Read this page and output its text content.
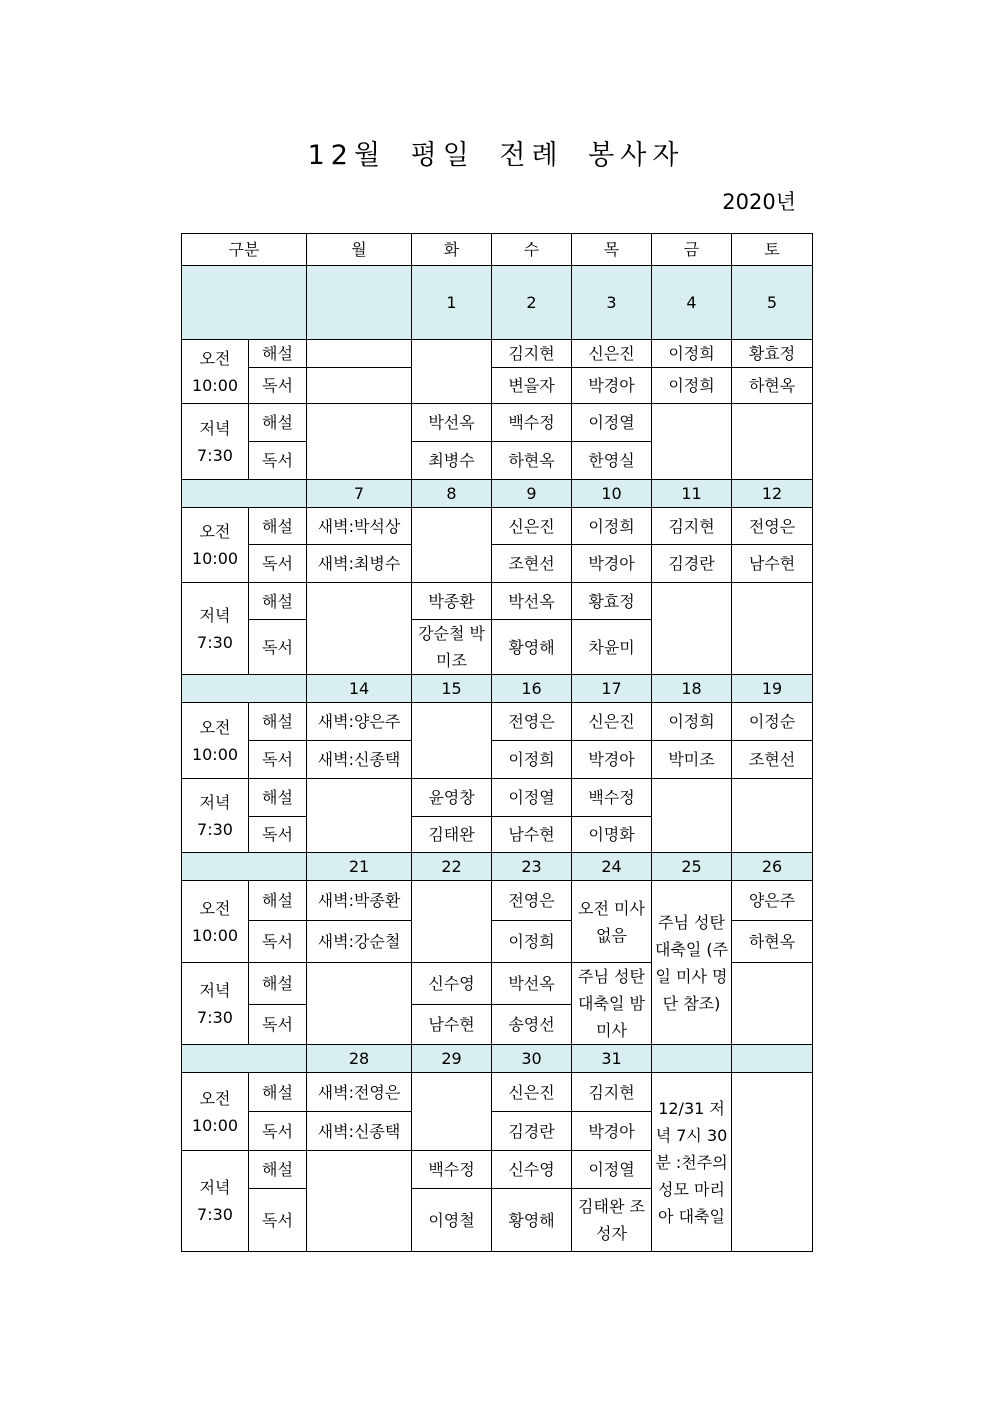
12월 평일 전례 봉사자
2020년
구분		월	화	수	목	금	토
			1	2	3	4	5

오전
10:00	해설			김지현	신은진	이정희	황효정
	독서			변을자	박경아	이정희	하현옥

저녁
7:30	해설		박선옥	백수정	이정열		
	독서		최병수	하현옥	한영실		
		7	8	9	10	11	12

오전
10:00	해설	새벽:박석상		신은진	이정희	김지현	전영은
	독서	새벽:최병수		조현선	박경아	김경란	남수현

저녁
7:30	해설		박종환	박선옥	황효정		
	독서		강순철 박미조	황영해	차윤미		
		14	15	16	17	18	19

오전
10:00	해설	새벽:양은주		전영은	신은진	이정희	이정순
	독서	새벽:신종택		이정희	박경아	박미조	조현선

저녁
7:30	해설		윤영창	이정열	백수정		
	독서		김태완	남수현	이명화		
		21	22	23	24	25	26

오전
10:00	해설	새벽:박종환		전영은	오전 미사 없음	주님 성탄 대축일 (주일 미사 명단 참조)	양은주
	독서	새벽:강순철		이정희			하현옥

저녁
7:30	해설		신수영	박선옥	주님 성탄 대축일 밤미사		
	독서		남수현	송영선			
		28	29	30	31		

오전
10:00	해설	새벽:전영은		신은진	김지현	12/31 저녁 7시 30분 :천주의 성모 마리아 대축일	
	독서	새벽:신종택		김경란	박경아		

저녁
7:30	해설		백수정	신수영	이정열		
	독서		이영철	황영해	김태완 조성자		
